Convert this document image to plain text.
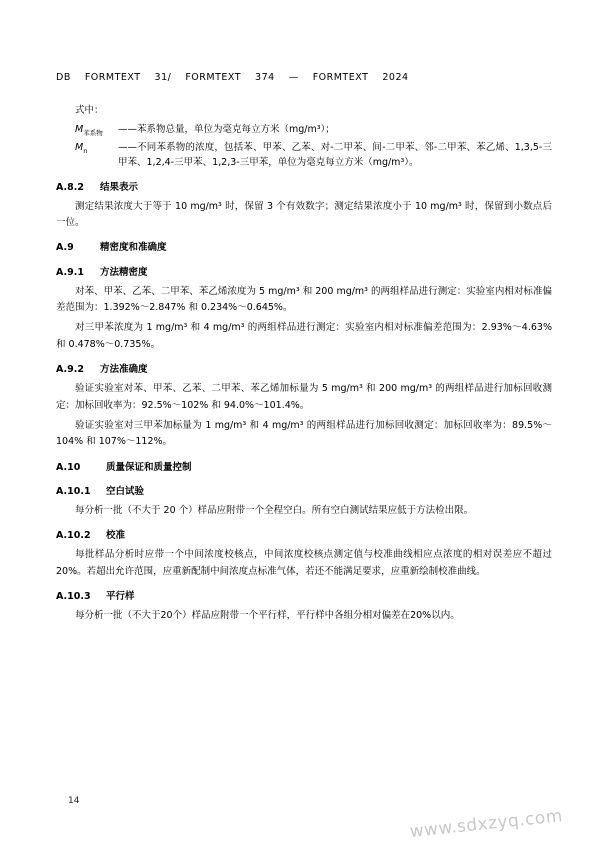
DB FORMTEXT 31/ FORMTEXT 374 — FORMTEXT 2024
式中：
$M_{苯系物}$	——苯系物总量，单位为毫克每立方米（mg/m³）；
$M_n$	——不同苯系物的浓度，包括苯、甲苯、乙苯、对-二甲苯、间-二甲苯、邻-二甲苯、苯乙烯、1,3,5-三甲苯、1,2,4-三甲苯、1,2,3-三甲苯，单位为毫克每立方米（mg/m³）。
A.8.2 结果表示

测定结果浓度大于等于 10 mg/m³ 时，保留 3 个有效数字；测定结果浓度小于 10 mg/m³ 时，保留到小数点后一位。

A.9	精密度和准确度
A.9.1 方法精密度

对苯、甲苯、乙苯、二甲苯、苯乙烯浓度为 5 mg/m³ 和 200 mg/m³ 的两组样品进行测定：实验室内相对标准偏差范围为：1.392%～2.847% 和 0.234%～0.645%。

对三甲苯浓度为 1 mg/m³ 和 4 mg/m³ 的两组样品进行测定：实验室内相对标准偏差范围为：2.93%～4.63% 和 0.478%～0.735%。

A.9.2 方法准确度

验证实验室对苯、甲苯、乙苯、二甲苯、苯乙烯加标量为 5 mg/m³ 和 200 mg/m³ 的两组样品进行加标回收测定：加标回收率为：92.5%～102% 和 94.0%～101.4%。

验证实验室对三甲苯加标量为 1 mg/m³ 和 4 mg/m³ 的两组样品进行加标回收测定：加标回收率为：89.5%～104% 和 107%～112%。

A.10	质量保证和质量控制
A.10.1 空白试验

每分析一批（不大于 20 个）样品应附带一个全程空白。所有空白测试结果应低于方法检出限。

A.10.2 校准

每批样品分析时应带一个中间浓度校核点，中间浓度校核点测定值与校准曲线相应点浓度的相对误差应不超过 20%。若超出允许范围，应重新配制中间浓度点标准气体，若还不能满足要求，应重新绘制校准曲线。

A.10.3 平行样

每分析一批（不大于20个）样品应附带一个平行样，平行样中各组分相对偏差在20%以内。

14
www.sdxzyq.com
